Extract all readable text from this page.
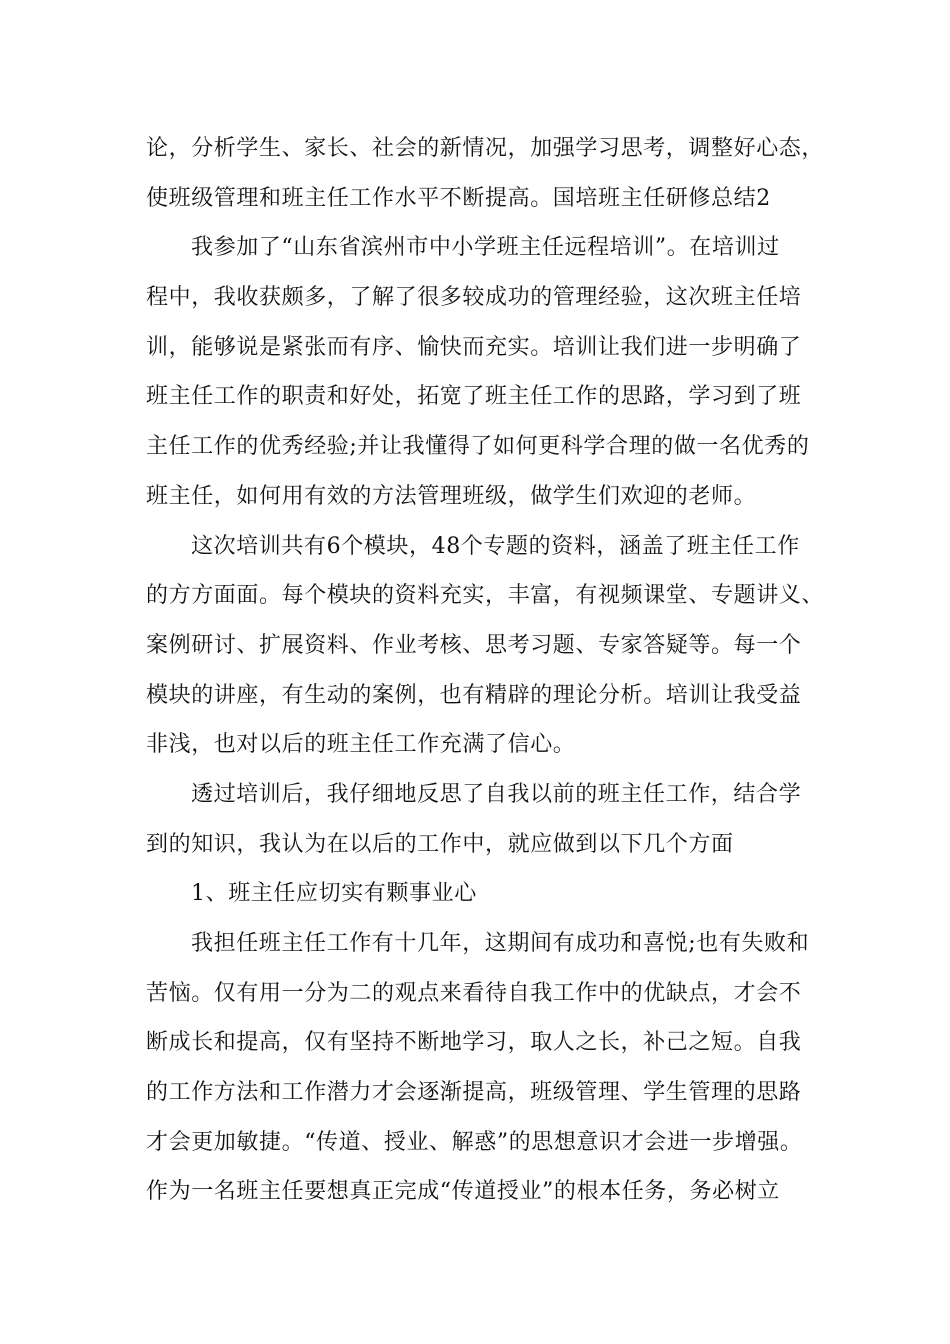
论，分析学生、家长、社会的新情况，加强学习思考，调整好心态，
使班级管理和班主任工作水平不断提高。国培班主任研修总结2
我参加了“山东省滨州市中小学班主任远程培训”。在培训过
程中，我收获颇多，了解了很多较成功的管理经验，这次班主任培
训，能够说是紧张而有序、愉快而充实。培训让我们进一步明确了
班主任工作的职责和好处，拓宽了班主任工作的思路，学习到了班
主任工作的优秀经验;并让我懂得了如何更科学合理的做一名优秀的
班主任，如何用有效的方法管理班级，做学生们欢迎的老师。
这次培训共有6个模块，48个专题的资料，涵盖了班主任工作
的方方面面。每个模块的资料充实，丰富，有视频课堂、专题讲义、
案例研讨、扩展资料、作业考核、思考习题、专家答疑等。每一个
模块的讲座，有生动的案例，也有精辟的理论分析。培训让我受益
非浅，也对以后的班主任工作充满了信心。
透过培训后，我仔细地反思了自我以前的班主任工作，结合学
到的知识，我认为在以后的工作中，就应做到以下几个方面
1、班主任应切实有颗事业心
我担任班主任工作有十几年，这期间有成功和喜悦;也有失败和
苦恼。仅有用一分为二的观点来看待自我工作中的优缺点，才会不
断成长和提高，仅有坚持不断地学习，取人之长，补己之短。自我
的工作方法和工作潜力才会逐渐提高，班级管理、学生管理的思路
才会更加敏捷。“传道、授业、解惑”的思想意识才会进一步增强。
作为一名班主任要想真正完成“传道授业”的根本任务，务必树立
